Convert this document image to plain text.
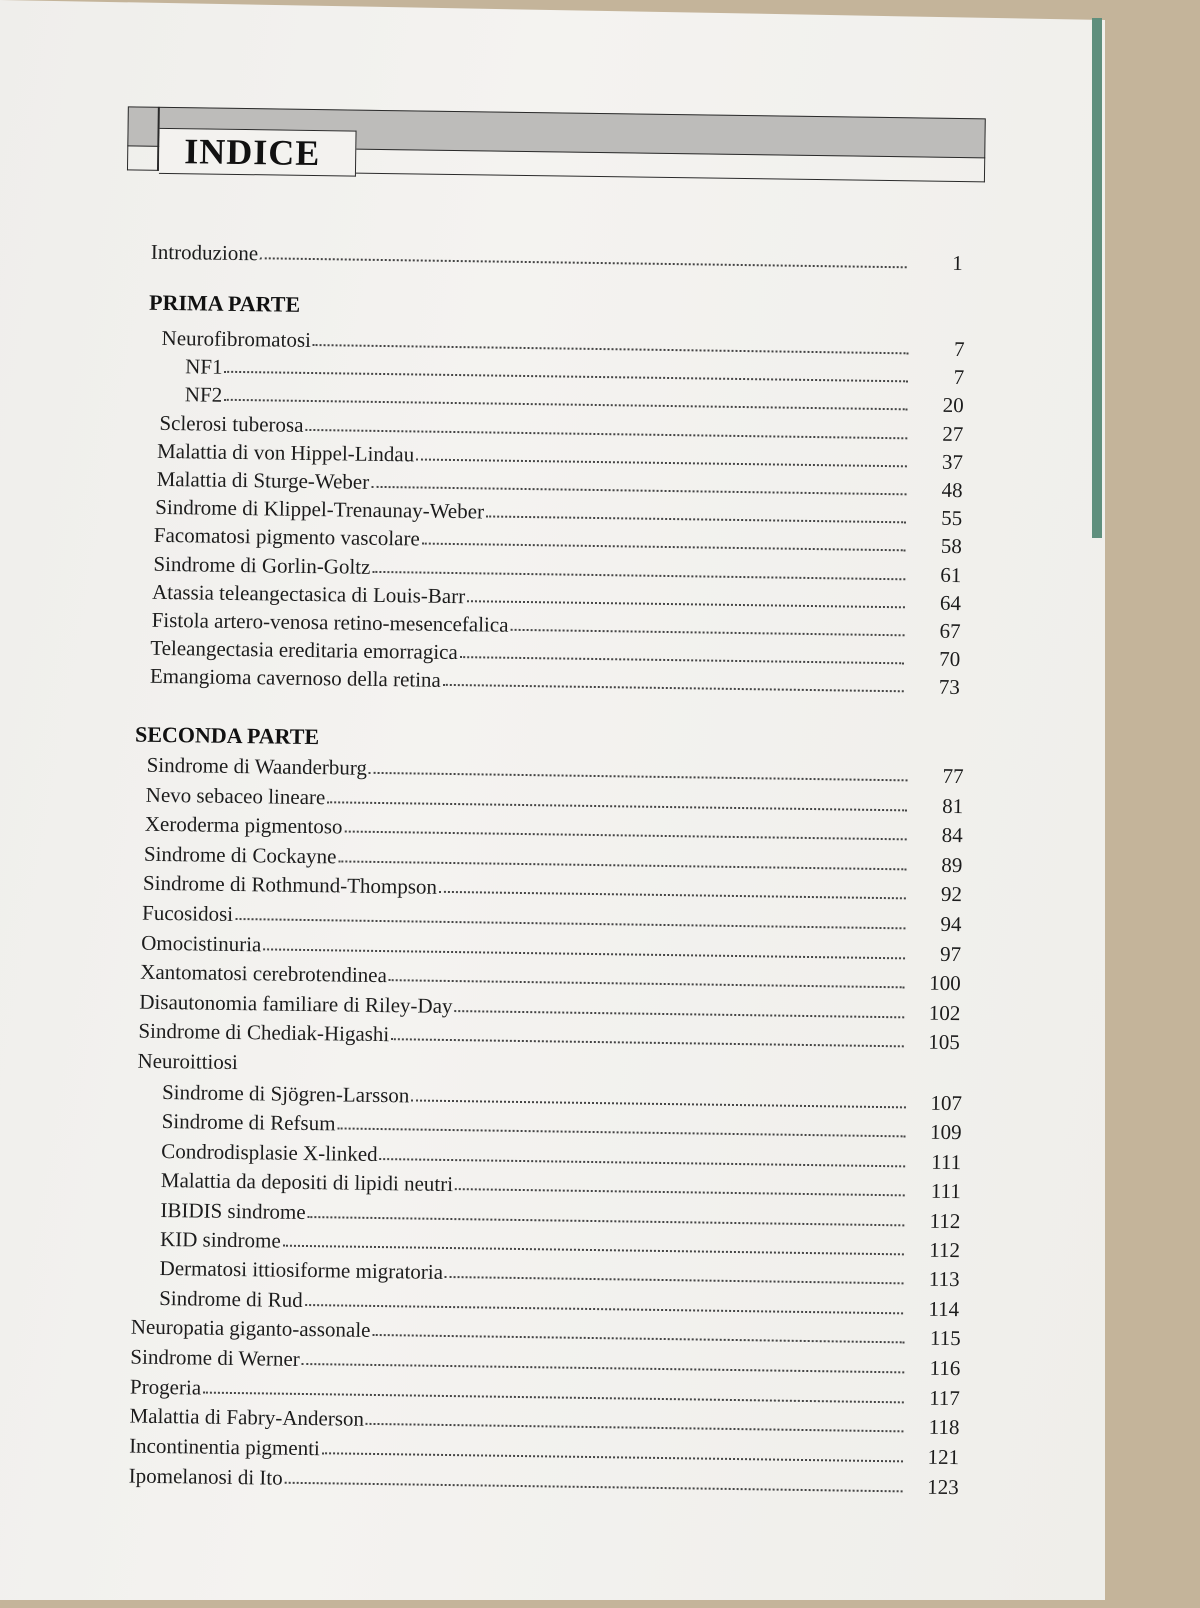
INDICE
Introduzione	1
PRIMA PARTE
SECONDA PARTE
Neuroittiosi
Neurofibromatosi	7
NF1	7
NF2	20
Sclerosi tuberosa	27
Malattia di von Hippel-Lindau	37
Malattia di Sturge-Weber	48
Sindrome di Klippel-Trenaunay-Weber	55
Facomatosi pigmento vascolare	58
Sindrome di Gorlin-Goltz	61
Atassia teleangectasica di Louis-Barr	64
Fistola artero-venosa retino-mesencefalica	67
Teleangectasia ereditaria emorragica	70
Emangioma cavernoso della retina	73
Sindrome di Waanderburg	77
Nevo sebaceo lineare	81
Xeroderma pigmentoso	84
Sindrome di Cockayne	89
Sindrome di Rothmund-Thompson	92
Fucosidosi	94
Omocistinuria	97
Xantomatosi cerebrotendinea	100
Disautonomia familiare di Riley-Day	102
Sindrome di Chediak-Higashi	105
Sindrome di Sjögren-Larsson	107
Sindrome di Refsum	109
Condrodisplasie X-linked	111
Malattia da depositi di lipidi neutri	111
IBIDIS sindrome	112
KID sindrome	112
Dermatosi ittiosiforme migratoria	113
Sindrome di Rud	114
Neuropatia giganto-assonale	115
Sindrome di Werner	116
Progeria	117
Malattia di Fabry-Anderson	118
Incontinentia pigmenti	121
Ipomelanosi di Ito	123
